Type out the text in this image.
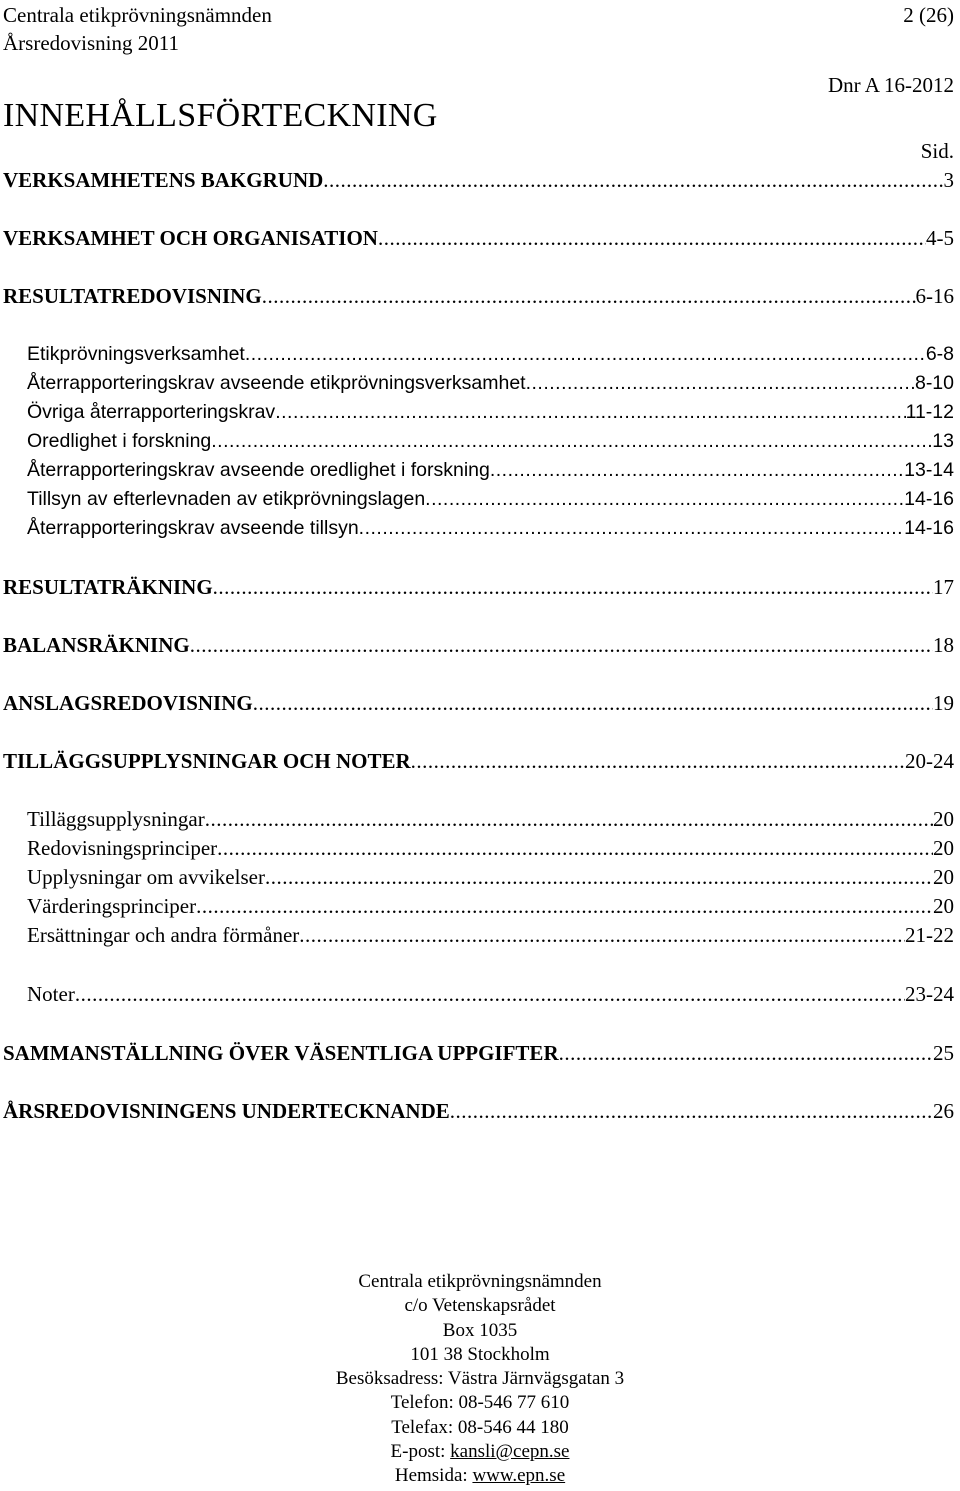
Centrala etikprövningsnämnden	2 (26)
Årsredovisning 2011
Dnr A 16-2012
INNEHÅLLSFÖRTECKNING
Sid.
VERKSAMHETENS BAKGRUND .....	3
VERKSAMHET OCH ORGANISATION .....	4-5
RESULTATREDOVISNING .....	6-16
Etikprövningsverksamhet .....	6-8
Återrapporteringskrav avseende etikprövningsverksamhet .....	8-10
Övriga återrapporteringskrav .....	11-12
Oredlighet i forskning .....	13
Återrapporteringskrav avseende oredlighet i forskning .....	13-14
Tillsyn av efterlevnaden av etikprövningslagen .....	14-16
Återrapporteringskrav avseende tillsyn .....	14-16
RESULTATRÄKNING .....	17
BALANSRÄKNING .....	18
ANSLAGSREDOVISNING .....	19
TILLÄGGSUPPLYSNINGAR OCH NOTER .....	20-24
Tilläggsupplysningar .....	20
Redovisningsprinciper .....	20
Upplysningar om avvikelser .....	20
Värderingsprinciper .....	20
Ersättningar och andra förmåner .....	21-22
Noter .....	23-24
SAMMANSTÄLLNING ÖVER VÄSENTLIGA UPPGIFTER .....	25
ÅRSREDOVISNINGENS UNDERTECKNANDE .....	26
Centrala etikprövningsnämnden
c/o Vetenskapsrådet
Box 1035
101 38 Stockholm
Besöksadress: Västra Järnvägsgatan 3
Telefon: 08-546 77 610
Telefax: 08-546 44 180
E-post: kansli@cepn.se
Hemsida: www.epn.se
